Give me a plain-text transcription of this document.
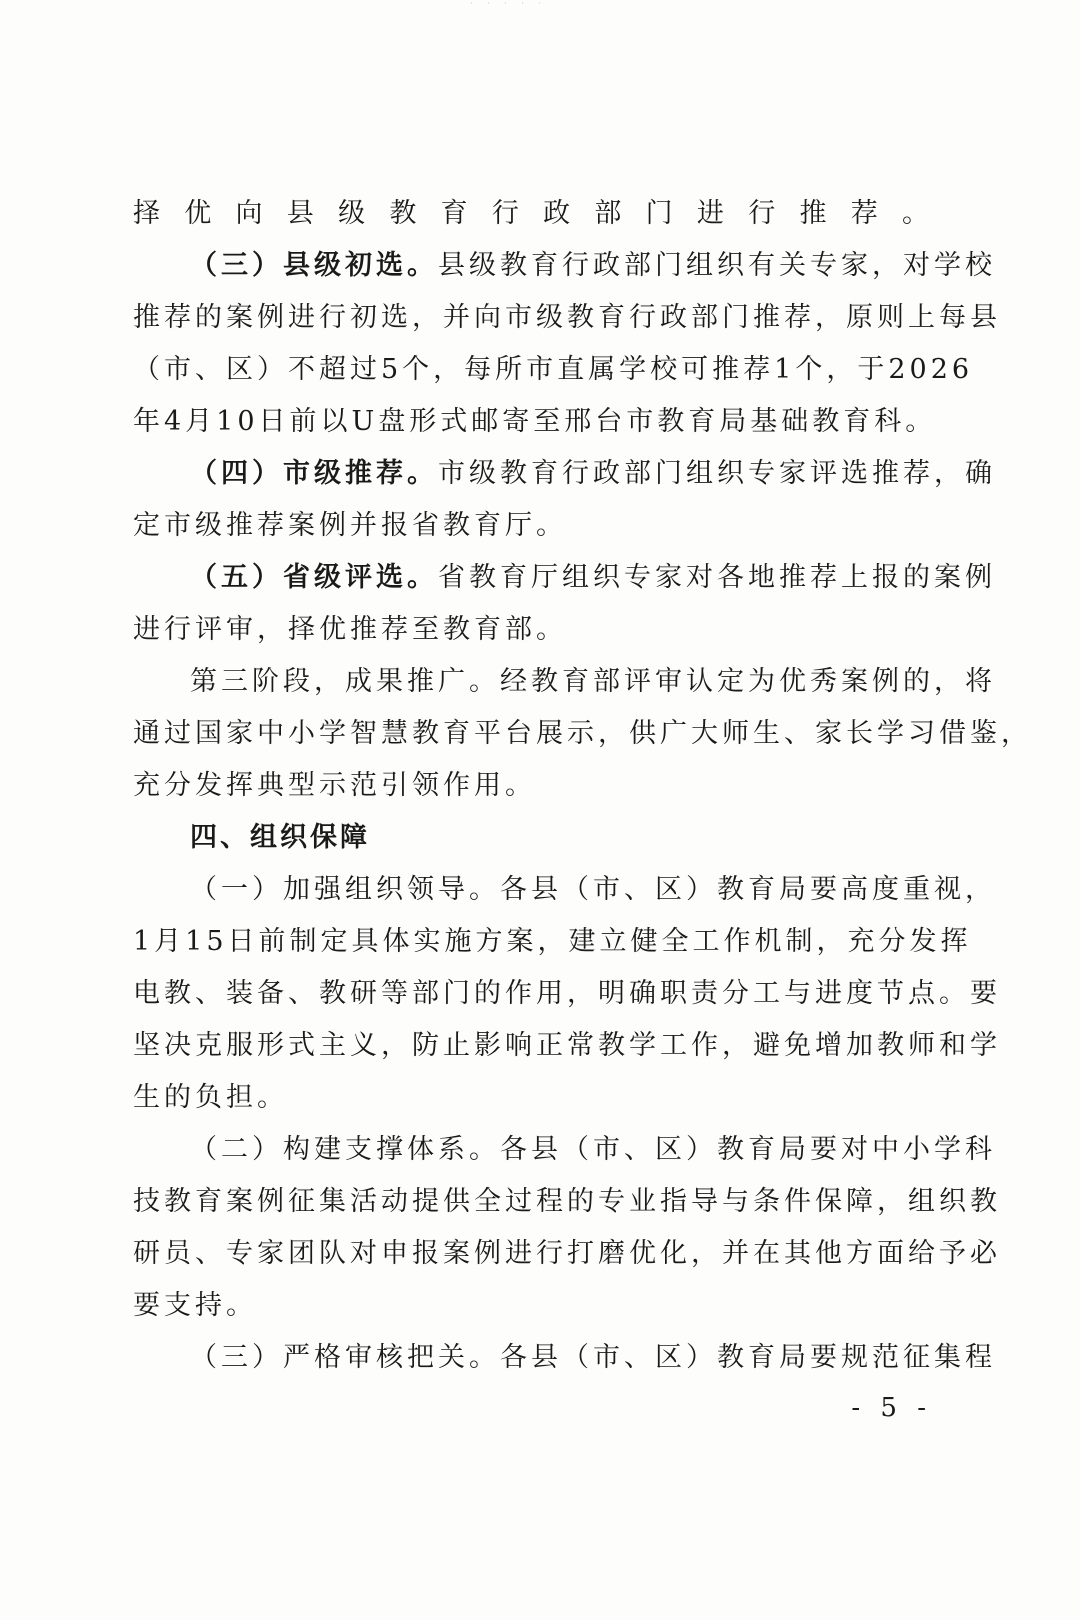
· · · · ·
择优向县级教育行政部门进行推荐。
（三）县级初选。县级教育行政部门组织有关专家，对学校
推荐的案例进行初选，并向市级教育行政部门推荐，原则上每县
（市、区）不超过5个，每所市直属学校可推荐1个，于2026
年4月10日前以U盘形式邮寄至邢台市教育局基础教育科。
（四）市级推荐。市级教育行政部门组织专家评选推荐，确
定市级推荐案例并报省教育厅。
（五）省级评选。省教育厅组织专家对各地推荐上报的案例
进行评审，择优推荐至教育部。
第三阶段，成果推广。经教育部评审认定为优秀案例的，将
通过国家中小学智慧教育平台展示，供广大师生、家长学习借鉴，
充分发挥典型示范引领作用。
四、组织保障
（一）加强组织领导。各县（市、区）教育局要高度重视，
1月15日前制定具体实施方案，建立健全工作机制，充分发挥
电教、装备、教研等部门的作用，明确职责分工与进度节点。要
坚决克服形式主义，防止影响正常教学工作，避免增加教师和学
生的负担。
（二）构建支撑体系。各县（市、区）教育局要对中小学科
技教育案例征集活动提供全过程的专业指导与条件保障，组织教
研员、专家团队对申报案例进行打磨优化，并在其他方面给予必
要支持。
（三）严格审核把关。各县（市、区）教育局要规范征集程
- 5 -
